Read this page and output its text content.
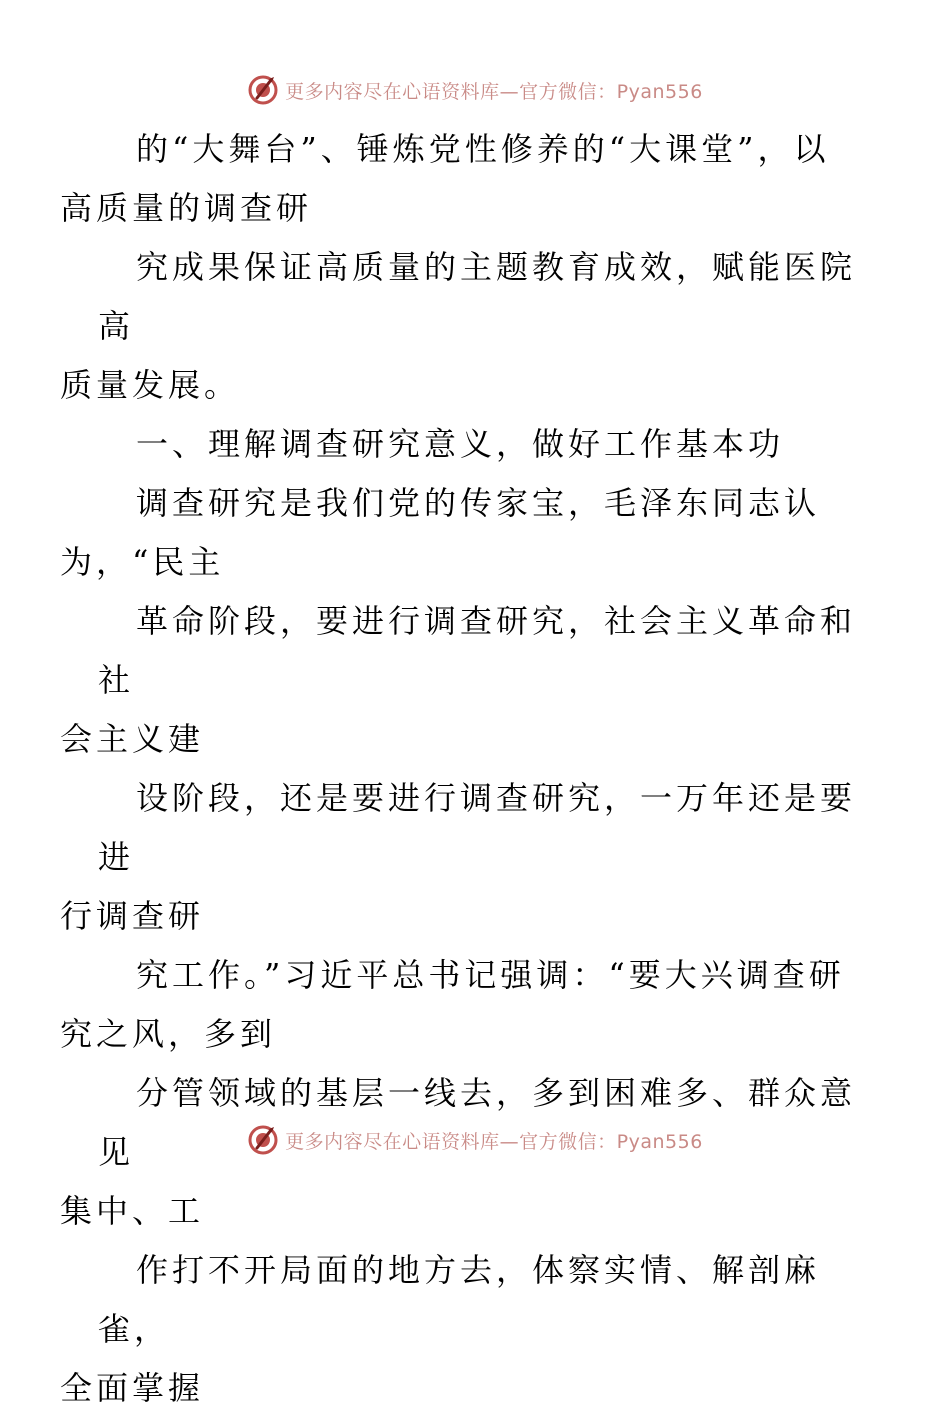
更多内容尽在心语资料库—官方微信：Pyan556

的“大舞台”、锤炼党性修养的“大课堂”，以
高质量的调查研

究成果保证高质量的主题教育成效，赋能医院高
质量发展。

一、理解调查研究意义，做好工作基本功

调查研究是我们党的传家宝，毛泽东同志认
为，“民主

革命阶段，要进行调查研究，社会主义革命和社
会主义建

设阶段，还是要进行调查研究，一万年还是要进
行调查研

究工作。”习近平总书记强调：“要大兴调查研
究之风，多到

分管领域的基层一线去，多到困难多、群众意见
集中、工

作打不开局面的地方去，体察实情、解剖麻雀，
全面掌握

更多内容尽在心语资料库—官方微信：Pyan556
